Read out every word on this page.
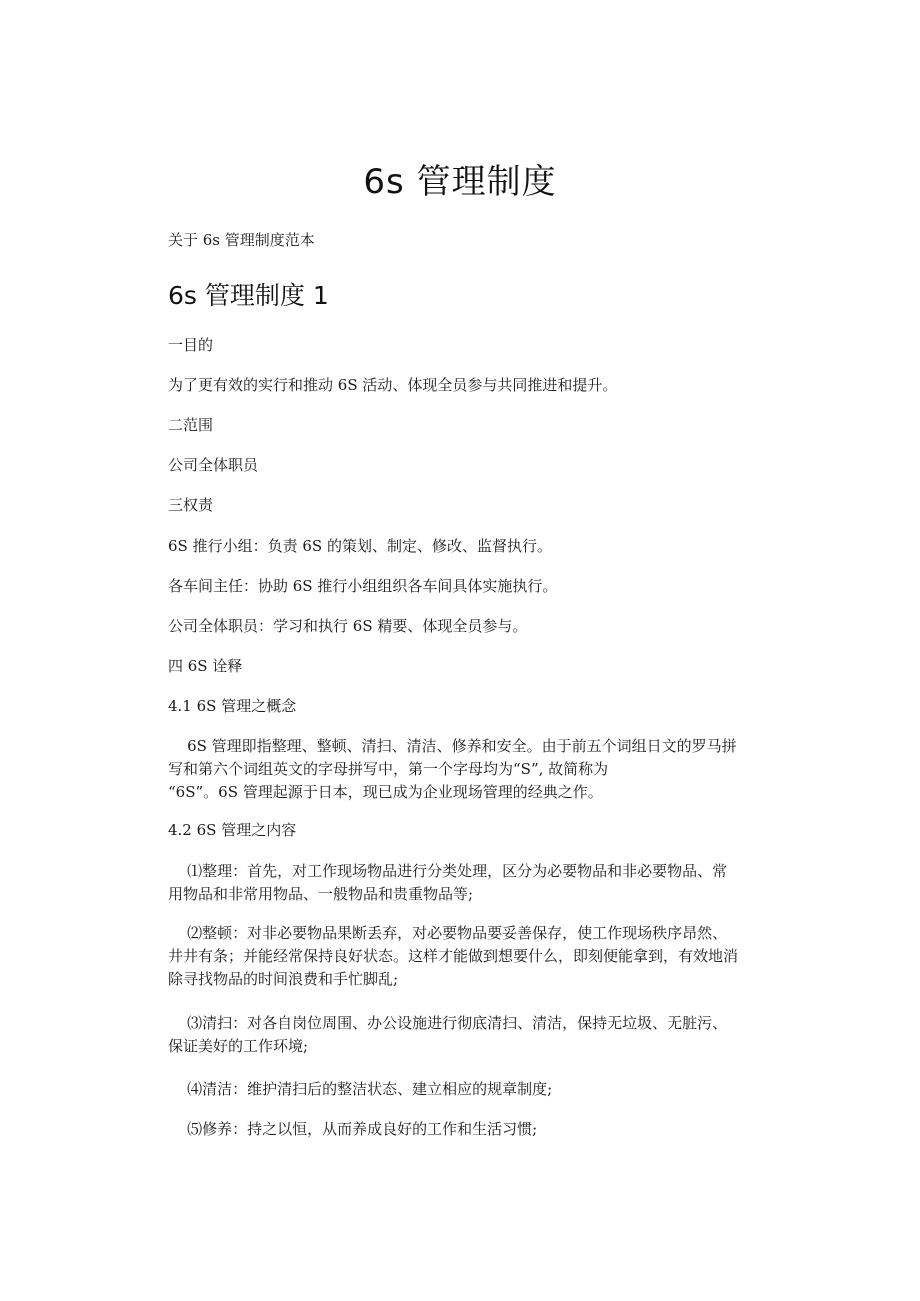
6s 管理制度
关于 6s 管理制度范本
6s 管理制度 1
一目的
为了更有效的实行和推动 6S 活动、体现全员参与共同推进和提升。
二范围
公司全体职员
三权责
6S 推行小组：负责 6S 的策划、制定、修改、监督执行。
各车间主任：协助 6S 推行小组组织各车间具体实施执行。
公司全体职员：学习和执行 6S 精要、体现全员参与。
四 6S 诠释
4.1 6S 管理之概念
6S 管理即指整理、整顿、清扫、清洁、修养和安全。由于前五个词组日文的罗马拼
写和第六个词组英文的字母拼写中，第一个字母均为“S”, 故简称为
“6S”。6S 管理起源于日本，现已成为企业现场管理的经典之作。
4.2 6S 管理之内容
⑴整理：首先，对工作现场物品进行分类处理，区分为必要物品和非必要物品、常
用物品和非常用物品、一般物品和贵重物品等;
⑵整顿：对非必要物品果断丢弃，对必要物品要妥善保存，使工作现场秩序昂然、
井井有条；并能经常保持良好状态。这样才能做到想要什么，即刻便能拿到，有效地消
除寻找物品的时间浪费和手忙脚乱;
⑶清扫：对各自岗位周围、办公设施进行彻底清扫、清洁，保持无垃圾、无脏污、
保证美好的工作环境;
⑷清洁：维护清扫后的整洁状态、建立相应的规章制度;
⑸修养：持之以恒，从而养成良好的工作和生活习惯;
